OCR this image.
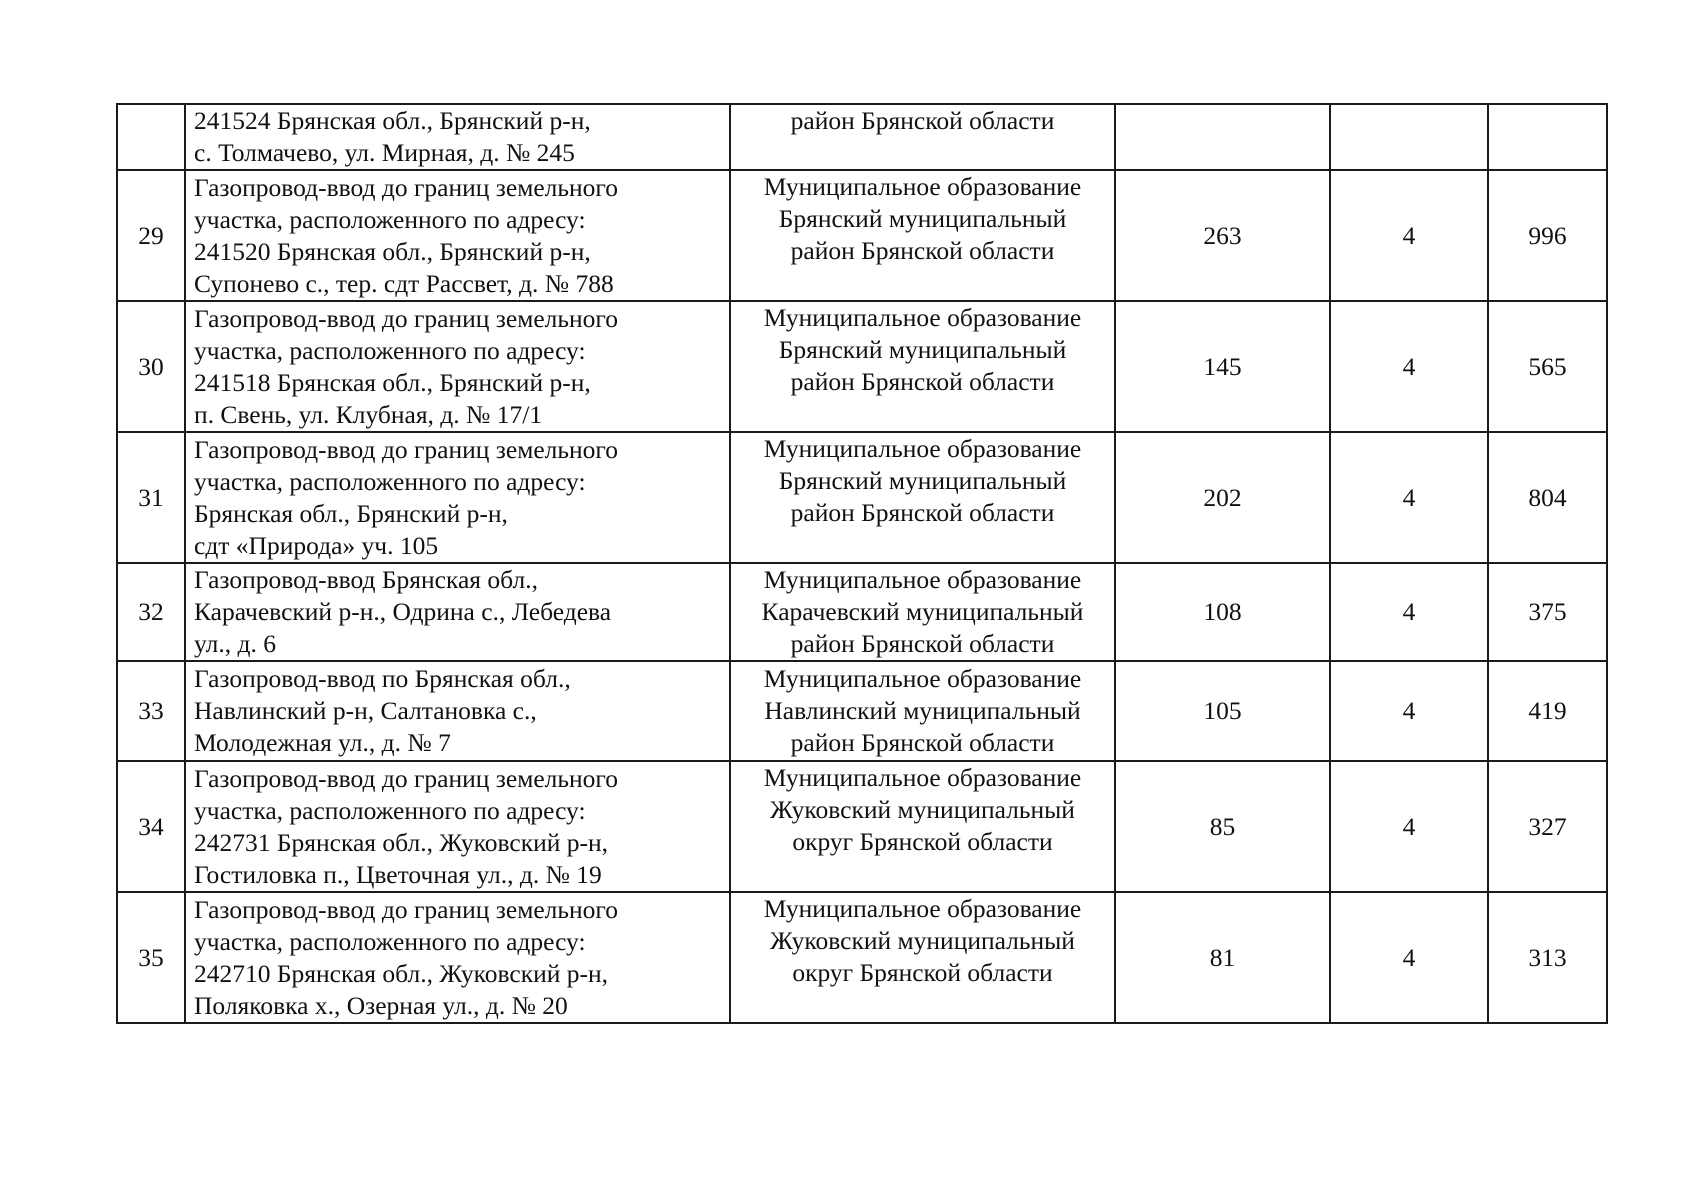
	241524 Брянская обл., Брянский р-н,
с. Толмачево, ул. Мирная, д. № 245	район Брянской области			

29	Газопровод-ввод до границ земельного
участка, расположенного по адресу:
241520 Брянская обл., Брянский р-н,
Супонево с., тер. сдт Рассвет, д. № 788	Муниципальное образование
Брянский муниципальный
район Брянской области	263	4	996
30	Газопровод-ввод до границ земельного
участка, расположенного по адресу:
241518 Брянская обл., Брянский р-н,
п. Свень, ул. Клубная, д. № 17/1	Муниципальное образование
Брянский муниципальный
район Брянской области	145	4	565
31	Газопровод-ввод до границ земельного
участка, расположенного по адресу:
Брянская обл., Брянский р-н,
сдт «Природа» уч. 105	Муниципальное образование
Брянский муниципальный
район Брянской области	202	4	804
32	Газопровод-ввод Брянская обл.,
Карачевский р-н., Одрина с., Лебедева
ул., д. 6	Муниципальное образование
Карачевский муниципальный
район Брянской области	108	4	375
33	Газопровод-ввод по Брянская обл.,
Навлинский р-н, Салтановка с.,
Молодежная ул., д. № 7	Муниципальное образование
Навлинский муниципальный
район Брянской области	105	4	419
34	Газопровод-ввод до границ земельного
участка, расположенного по адресу:
242731 Брянская обл., Жуковский р-н,
Гостиловка п., Цветочная ул., д. № 19	Муниципальное образование
Жуковский муниципальный
округ Брянской области	85	4	327
35	Газопровод-ввод до границ земельного
участка, расположенного по адресу:
242710 Брянская обл., Жуковский р-н,
Поляковка х., Озерная ул., д. № 20	Муниципальное образование
Жуковский муниципальный
округ Брянской области	81	4	313
